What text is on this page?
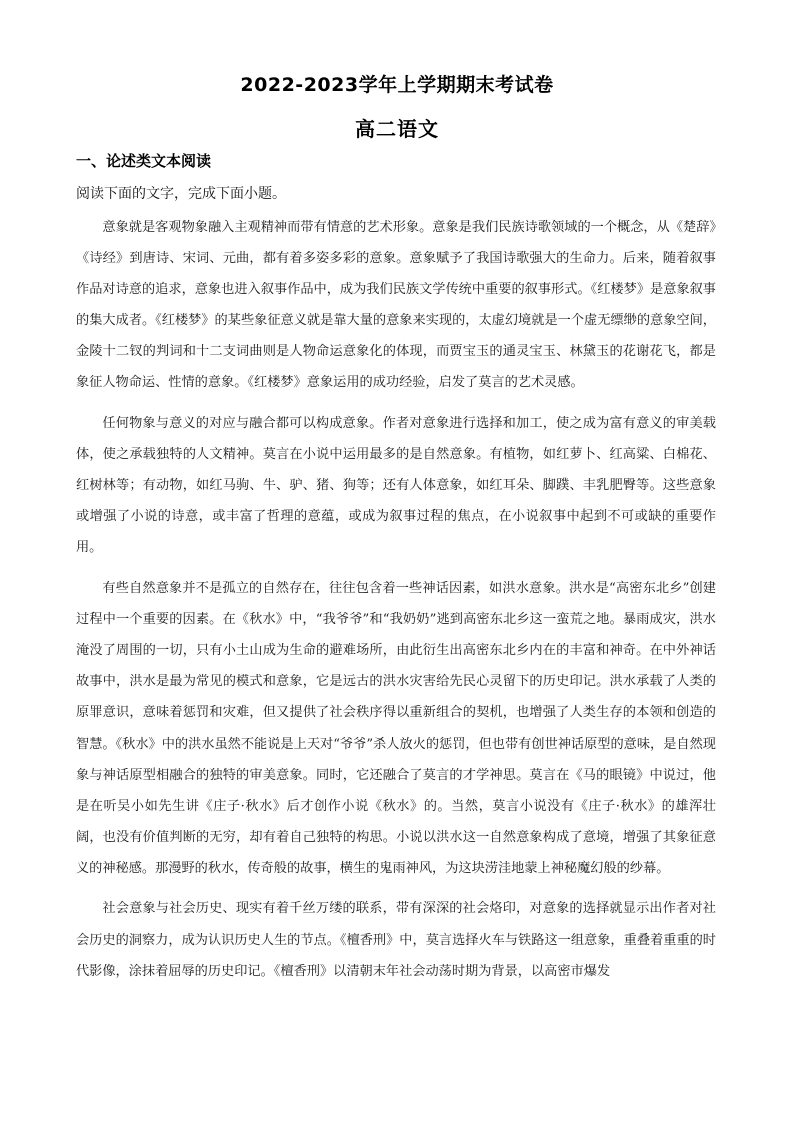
2022-2023学年上学期期末考试卷
高二语文
一、论述类文本阅读
阅读下面的文字，完成下面小题。

意象就是客观物象融入主观精神而带有情意的艺术形象。意象是我们民族诗歌领域的一个概念，从《楚辞》《诗经》到唐诗、宋词、元曲，都有着多姿多彩的意象。意象赋予了我国诗歌强大的生命力。后来，随着叙事作品对诗意的追求，意象也进入叙事作品中，成为我们民族文学传统中重要的叙事形式。《红楼梦》是意象叙事的集大成者。《红楼梦》的某些象征意义就是靠大量的意象来实现的，太虚幻境就是一个虚无缥缈的意象空间，金陵十二钗的判词和十二支词曲则是人物命运意象化的体现，而贾宝玉的通灵宝玉、林黛玉的花谢花飞，都是象征人物命运、性情的意象。《红楼梦》意象运用的成功经验，启发了莫言的艺术灵感。

任何物象与意义的对应与融合都可以构成意象。作者对意象进行选择和加工，使之成为富有意义的审美载体，使之承载独特的人文精神。莫言在小说中运用最多的是自然意象。有植物，如红萝卜、红高粱、白棉花、红树林等；有动物，如红马驹、牛、驴、猪、狗等；还有人体意象，如红耳朵、脚蹼、丰乳肥臀等。这些意象或增强了小说的诗意，或丰富了哲理的意蕴，或成为叙事过程的焦点，在小说叙事中起到不可或缺的重要作用。

有些自然意象并不是孤立的自然存在，往往包含着一些神话因素，如洪水意象。洪水是“高密东北乡”创建过程中一个重要的因素。在《秋水》中，“我爷爷”和“我奶奶”逃到高密东北乡这一蛮荒之地。暴雨成灾，洪水淹没了周围的一切，只有小土山成为生命的避难场所，由此衍生出高密东北乡内在的丰富和神奇。在中外神话故事中，洪水是最为常见的模式和意象，它是远古的洪水灾害给先民心灵留下的历史印记。洪水承载了人类的原罪意识，意味着惩罚和灾难，但又提供了社会秩序得以重新组合的契机，也增强了人类生存的本领和创造的智慧。《秋水》中的洪水虽然不能说是上天对“爷爷”杀人放火的惩罚，但也带有创世神话原型的意味，是自然现象与神话原型相融合的独特的审美意象。同时，它还融合了莫言的才学神思。莫言在《马的眼镜》中说过，他是在听吴小如先生讲《庄子·秋水》后才创作小说《秋水》的。当然，莫言小说没有《庄子·秋水》的雄浑壮阔，也没有价值判断的无穷，却有着自己独特的构思。小说以洪水这一自然意象构成了意境，增强了其象征意义的神秘感。那漫野的秋水，传奇般的故事，横生的鬼雨神风，为这块涝洼地蒙上神秘魔幻般的纱幕。

社会意象与社会历史、现实有着千丝万缕的联系，带有深深的社会烙印，对意象的选择就显示出作者对社会历史的洞察力，成为认识历史人生的节点。《檀香刑》中，莫言选择火车与铁路这一组意象，重叠着重重的时代影像，涂抹着屈辱的历史印记。《檀香刑》以清朝末年社会动荡时期为背景，以高密市爆发
